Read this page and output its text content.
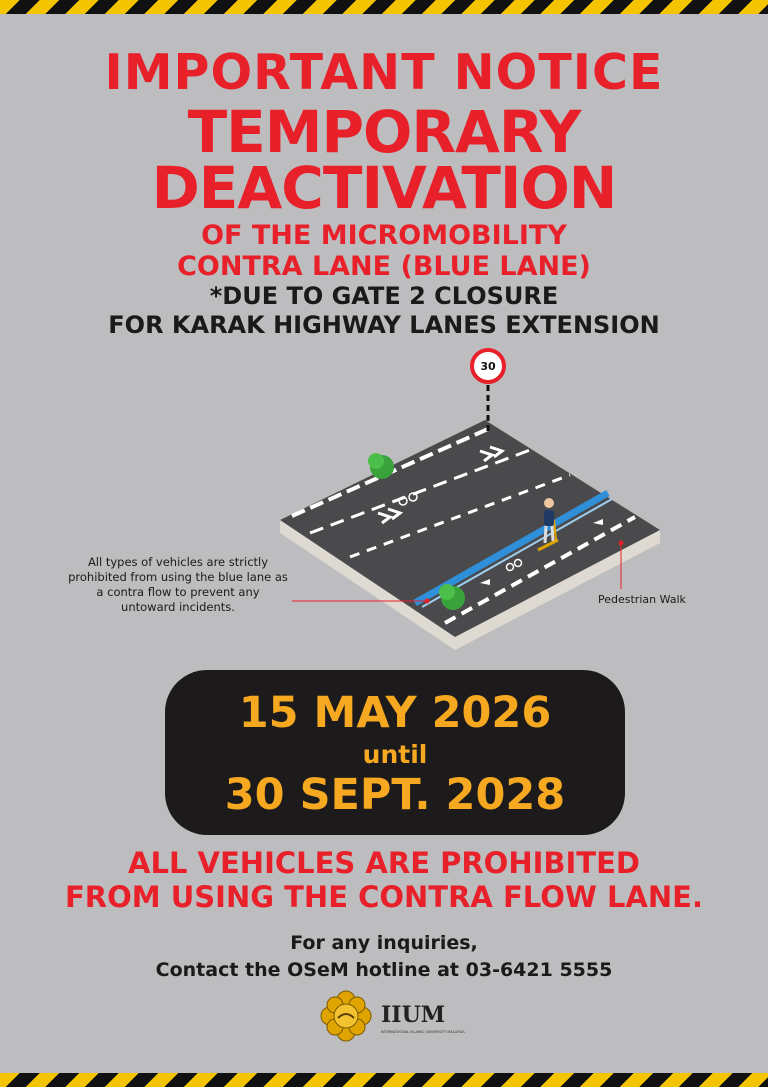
IMPORTANT NOTICE
TEMPORARY
DEACTIVATION
OF THE MICROMOBILITY
CONTRA LANE (BLUE LANE)
*DUE TO GATE 2 CLOSURE
FOR KARAK HIGHWAY LANES EXTENSION
30
All types of vehicles are strictly prohibited from using the blue lane as a contra flow to prevent any untoward incidents.
Pedestrian Walk
15 MAY 2026
until
30 SEPT. 2028
ALL VEHICLES ARE PROHIBITED
FROM USING THE CONTRA FLOW LANE.
For any inquiries,
Contact the OSeM hotline at 03-6421 5555
IIUM
INTERNATIONAL ISLAMIC UNIVERSITY MALAYSIA
